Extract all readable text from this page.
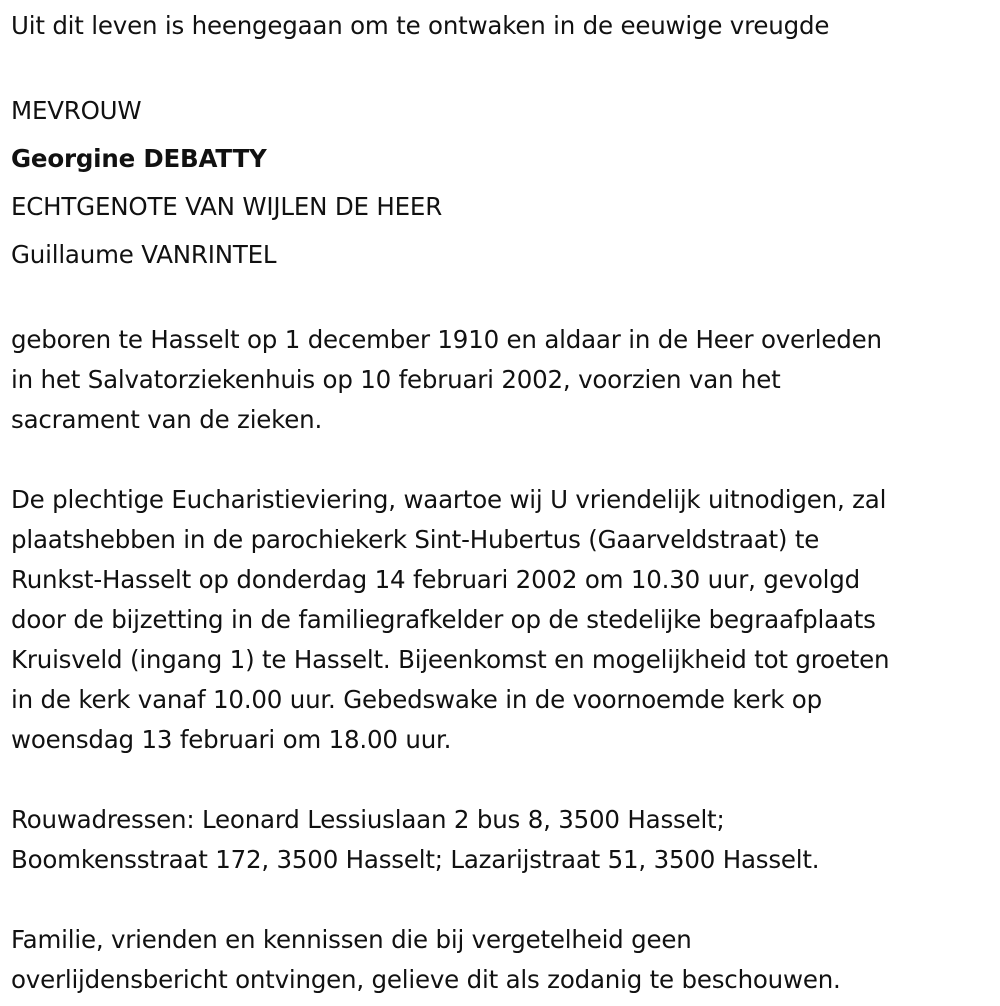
Uit dit leven is heengegaan om te ontwaken in de eeuwige vreugde
MEVROUW
Georgine DEBATTY
ECHTGENOTE VAN WIJLEN DE HEER
Guillaume VANRINTEL
geboren te Hasselt op 1 december 1910 en aldaar in de Heer overleden
in het Salvatorziekenhuis op 10 februari 2002, voorzien van het
sacrament van de zieken.
De plechtige Eucharistieviering, waartoe wij U vriendelijk uitnodigen, zal
plaatshebben in de parochiekerk Sint-Hubertus (Gaarveldstraat) te
Runkst-Hasselt op donderdag 14 februari 2002 om 10.30 uur, gevolgd
door de bijzetting in de familiegrafkelder op de stedelijke begraafplaats
Kruisveld (ingang 1) te Hasselt. Bijeenkomst en mogelijkheid tot groeten
in de kerk vanaf 10.00 uur. Gebedswake in de voornoemde kerk op
woensdag 13 februari om 18.00 uur.
Rouwadressen: Leonard Lessiuslaan 2 bus 8, 3500 Hasselt;
Boomkensstraat 172, 3500 Hasselt; Lazarijstraat 51, 3500 Hasselt.
Familie, vrienden en kennissen die bij vergetelheid geen
overlijdensbericht ontvingen, gelieve dit als zodanig te beschouwen.
